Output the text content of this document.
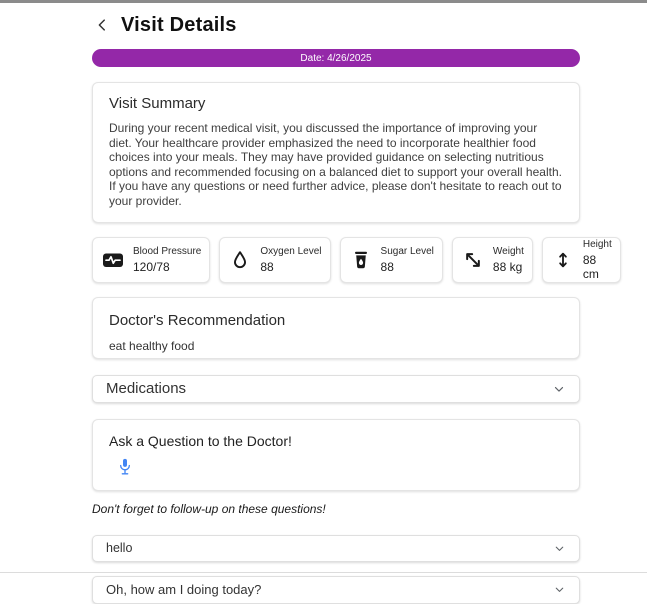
Visit Details
Date: 4/26/2025
Visit Summary

During your recent medical visit, you discussed the importance of improving your diet. Your healthcare provider emphasized the need to incorporate healthier food choices into your meals. They may have provided guidance on selecting nutritious options and recommended focusing on a balanced diet to support your overall health. If you have any questions or need further advice, please don't hesitate to reach out to your provider.

Blood Pressure
120/78
Oxygen Level
88
Sugar Level
88
Weight
88 kg
Height
88 cm
Doctor's Recommendation

eat healthy food

Medications
Ask a Question to the Doctor!
Don't forget to follow-up on these questions!
hello
Oh, how am I doing today?
